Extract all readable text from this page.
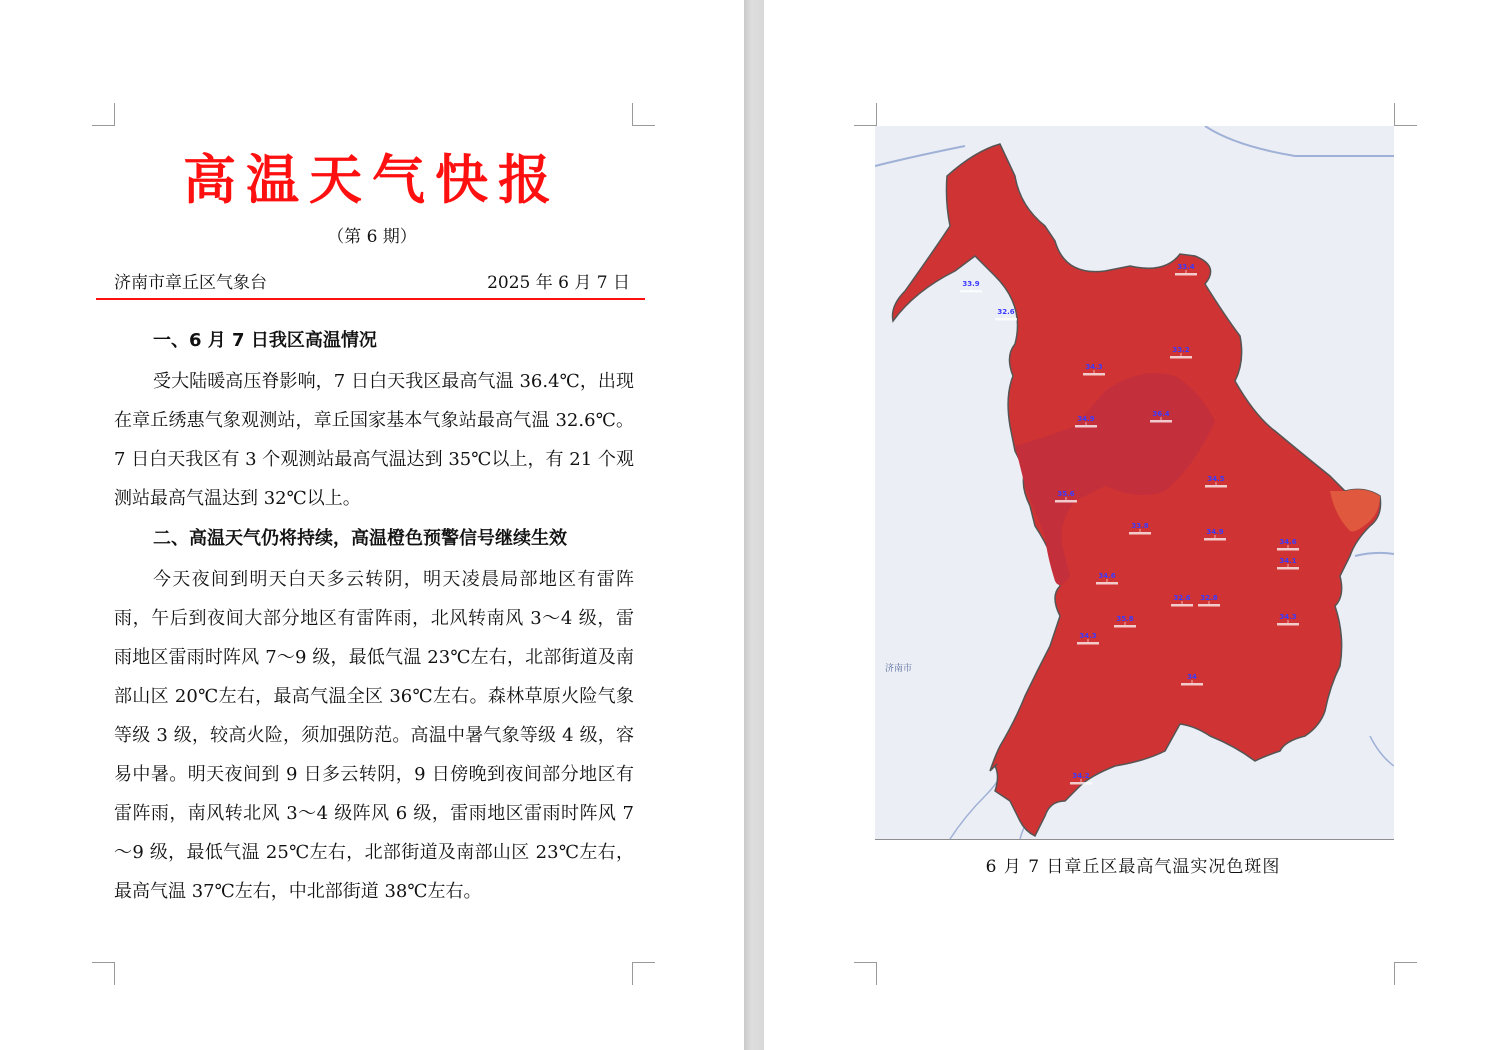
高温天气快报
（第 6 期）
济南市章丘区气象台	2025 年 6 月 7 日
一、6 月 7 日我区高温情况

受大陆暖高压脊影响，7 日白天我区最高气温 36.4℃，出现在章丘绣惠气象观测站，章丘国家基本气象站最高气温 32.6℃。7 日白天我区有 3 个观测站最高气温达到 35℃以上，有 21 个观测站最高气温达到 32℃以上。

二、高温天气仍将持续，高温橙色预警信号继续生效

今天夜间到明天白天多云转阴，明天凌晨局部地区有雷阵雨，午后到夜间大部分地区有雷阵雨，北风转南风 3～4 级，雷雨地区雷雨时阵风 7～9 级，最低气温 23℃左右，北部街道及南部山区 20℃左右，最高气温全区 36℃左右。森林草原火险气象等级 3 级，较高火险，须加强防范。高温中暑气象等级 4 级，容易中暑。明天夜间到 9 日多云转阴，9 日傍晚到夜间部分地区有雷阵雨，南风转北风 3～4 级阵风 6 级，雷雨地区雷雨时阵风 7～9 级，最低气温 25℃左右，北部街道及南部山区 23℃左右，最高气温 37℃左右，中北部街道 38℃左右。

济南市
33.9
32.6
33.4
33.2
34.3
34.9
36.4
34.5
35.6
33.8
34.9
34.6
34.1
34.6
32.6 32.8
35.8
34.3
34.3
34
34.2
6 月 7 日章丘区最高气温实况色斑图
